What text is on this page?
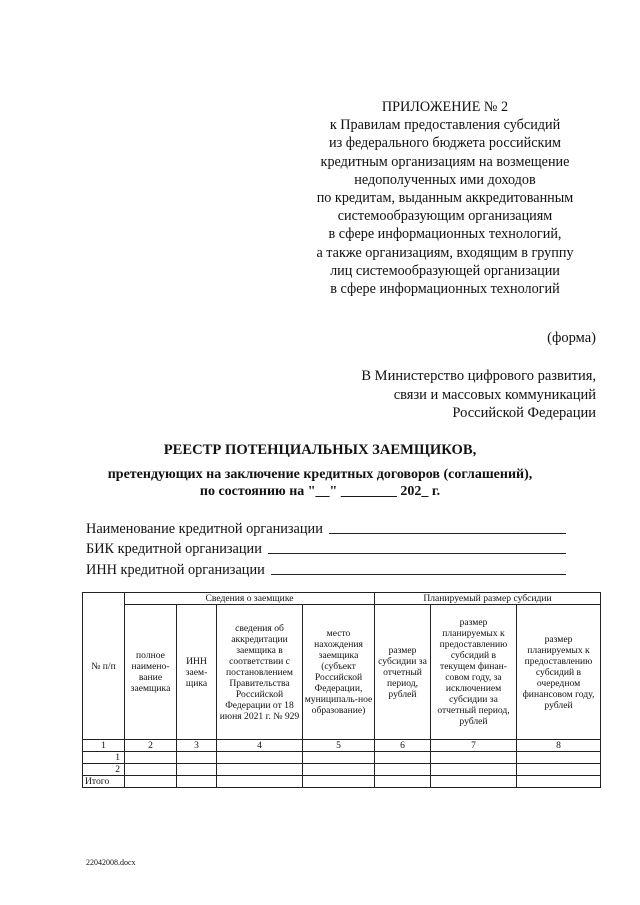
ПРИЛОЖЕНИЕ № 2
к Правилам предоставления субсидий
из федерального бюджета российским
кредитным организациям на возмещение
недополученных ими доходов
по кредитам, выданным аккредитованным
системообразующим организациям
в сфере информационных технологий,
а также организациям, входящим в группу
лиц системообразующей организации
в сфере информационных технологий
(форма)
В Министерство цифрового развития,
связи и массовых коммуникаций
Российской Федерации
РЕЕСТР ПОТЕНЦИАЛЬНЫХ ЗАЕМЩИКОВ,
претендующих на заключение кредитных договоров (соглашений),
по состоянию на "__" ________ 202_ г.
Наименование кредитной организации
БИК кредитной организации
ИНН кредитной организации
№ п/п	Сведения о заемщике				Планируемый размер субсидии		
	полное наимено-вание заемщика	ИНН заем-щика	сведения об аккредитации заемщика в соответствии с постановлением Правительства Российской Федерации от 18 июня 2021 г. № 929	место нахождения заемщика (субъект Российской Федерации, муниципаль-ное образование)	размер субсидии за отчетный период, рублей	размер планируемых к предоставлению субсидий в текущем финан-совом году, за исключением субсидии за отчетный период, рублей	размер планируемых к предоставлению субсидий в очередном финансовом году, рублей
1	2	3	4	5	6	7	8
1							
2							
Итого							
22042008.docx
